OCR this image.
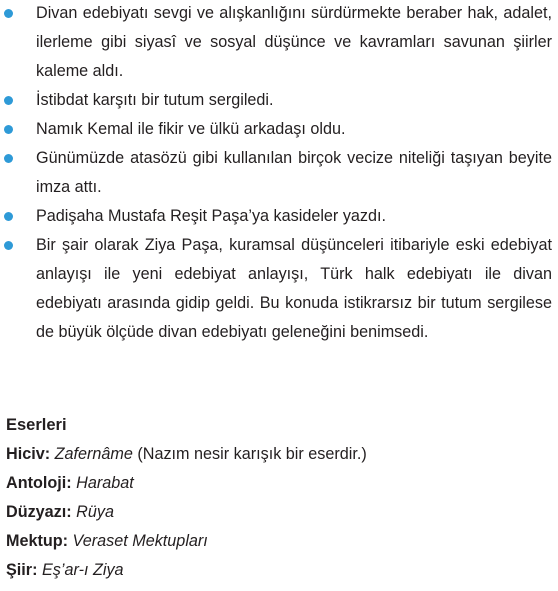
Divan edebiyatı sevgi ve alışkanlığını sürdürmekte beraber hak, adalet, ilerleme gibi siyasî ve sosyal düşünce ve kavramları savunan şiirler kaleme aldı.
İstibdat karşıtı bir tutum sergiledi.
Namık Kemal ile fikir ve ülkü arkadaşı oldu.
Günümüzde atasözü gibi kullanılan birçok vecize niteliği taşıyan beyite imza attı.
Padişaha Mustafa Reşit Paşa’ya kasideler yazdı.
Bir şair olarak Ziya Paşa, kuramsal düşünceleri itibariyle eski edebiyat anlayışı ile yeni edebiyat anlayışı, Türk halk edebiyatı ile divan edebiyatı arasında gidip geldi. Bu konuda istikrarsız bir tutum sergilese de büyük ölçüde divan edebiyatı geleneğini benimsedi.

Eserleri

Hiciv: Zafernâme (Nazım nesir karışık bir eserdir.)

Antoloji: Harabat

Düzyazı: Rüya

Mektup: Veraset Mektupları

Şiir: Eş’ar-ı Ziya
